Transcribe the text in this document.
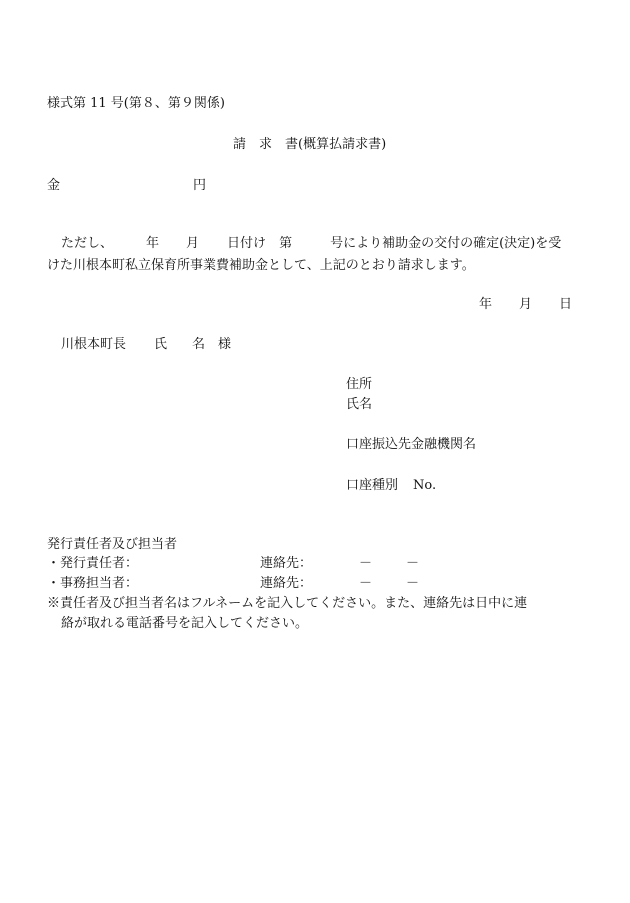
様式第 11 号(第８、第９関係)
請　求　書(概算払請求書)
金	円
ただし、	年 月 日付け 第	号により補助金の交付の確定(決定)を受
けた川根本町私立保育所事業費補助金として、上記のとおり請求します。
年 月 日
川根本町長 氏 名 様
住所
氏名
口座振込先金融機関名
口座種別 No.
発行責任者及び担当者
・発行責任者：	連絡先：	－	－
・事務担当者：	連絡先：	－	－
※責任者及び担当者名はフルネームを記入してください。また、連絡先は日中に連
絡が取れる電話番号を記入してください。
